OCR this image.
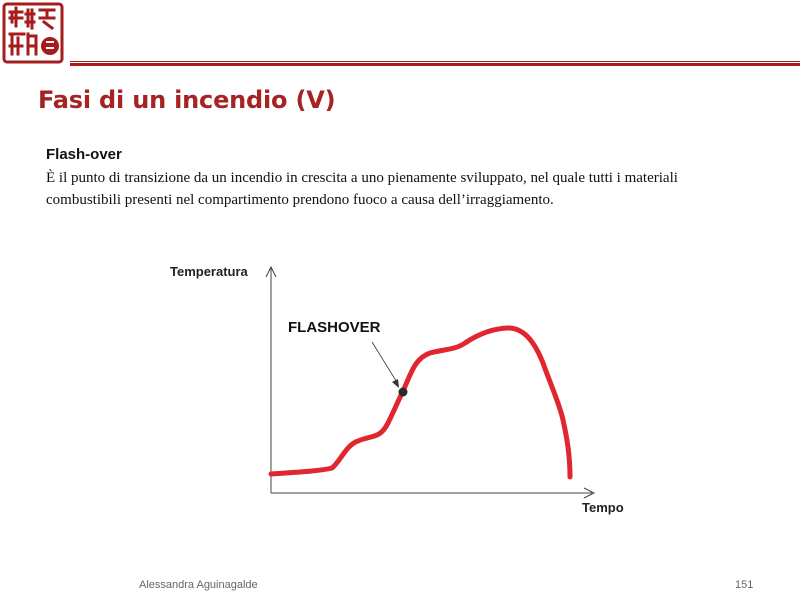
Fasi di un incendio (V)
Flash-over
È il punto di transizione da un incendio in crescita a uno pienamente sviluppato, nel quale tutti i materiali combustibili presenti nel compartimento prendono fuoco a causa dell’irraggiamento.
Temperatura
Tempo
FLASHOVER
Alessandra Aguinagalde	151
